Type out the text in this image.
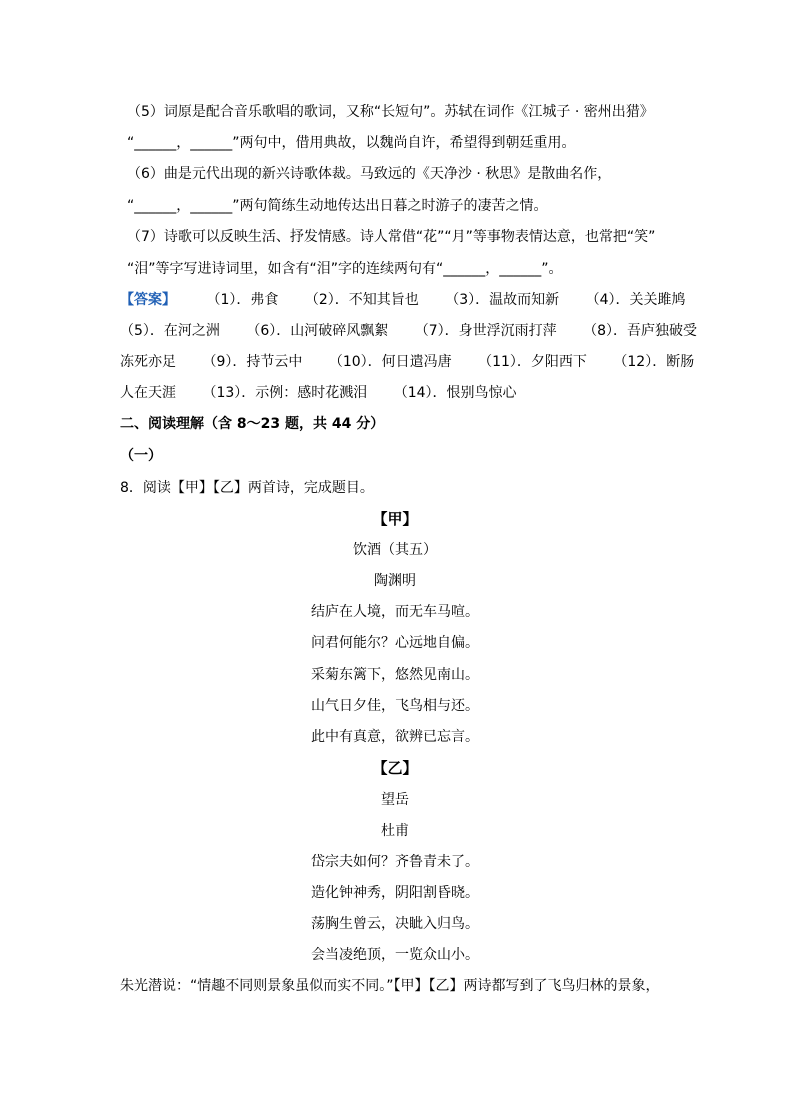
（5）词原是配合音乐歌唱的歌词，又称“长短句”。苏轼在词作《江城子 · 密州出猎》
“______，______”两句中，借用典故，以魏尚自许，希望得到朝廷重用。
（6）曲是元代出现的新兴诗歌体裁。马致远的《天净沙 · 秋思》是散曲名作，
“______，______”两句简练生动地传达出日暮之时游子的凄苦之情。
（7）诗歌可以反映生活、抒发情感。诗人常借“花”“月”等事物表情达意，也常把“笑”
“泪”等字写进诗词里，如含有“泪”字的连续两句有“______，______”。
【答案】 （1）．弗食 （2）．不知其旨也 （3）．温故而知新 （4）．关关雎鸠
（5）．在河之洲 （6）．山河破碎风飘絮 （7）．身世浮沉雨打萍 （8）．吾庐独破受
冻死亦足 （9）．持节云中 （10）．何日遣冯唐 （11）．夕阳西下 （12）．断肠
人在天涯 （13）．示例：感时花溅泪 （14）．恨别鸟惊心
二、阅读理解（含 8～23 题，共 44 分）
（一）
8．阅读【甲】【乙】两首诗，完成题目。
【甲】
饮酒（其五）
陶渊明
结庐在人境，而无车马喧。
问君何能尔？心远地自偏。
采菊东篱下，悠然见南山。
山气日夕佳，飞鸟相与还。
此中有真意，欲辨已忘言。
【乙】
望岳
杜甫
岱宗夫如何？齐鲁青未了。
造化钟神秀，阴阳割昏晓。
荡胸生曾云，决眦入归鸟。
会当凌绝顶，一览众山小。
朱光潜说：“情趣不同则景象虽似而实不同。”【甲】【乙】两诗都写到了飞鸟归林的景象，
